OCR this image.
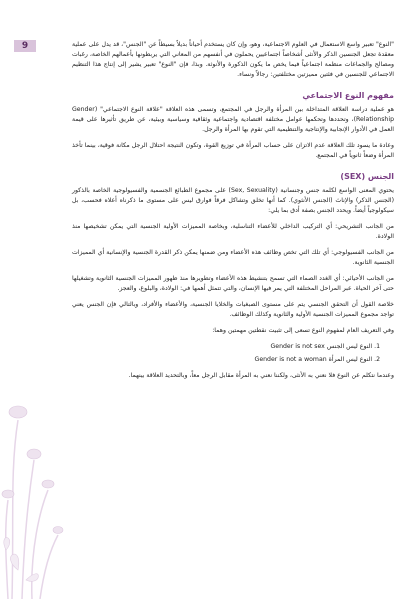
9	"النوع" تعبير واسع الاستعمال في العلوم الاجتماعية، وهو، وإن كان يستخدم أحياناً بديلاً بسيطاً عن "الجنس"، قد يدل على عملية معقدة تجعل الجنسين الذكر والأنثى أشخاصاً اجتماعيين يحملون في أنفسهم من المعاني التي يربطونها بأعمالهم الخاصة، رغبات ومصالح والجماعات منظمة اجتماعياً فيما يخص ما يكون الذكورة والأنوثة. وبذا، فإن "النوع" تعبير يشير إلى إنتاج هذا التنظيم الاجتماعي للجنسين في فئتين مميزتين مختلفتين: رجالاً ونساء.

مفهوم النوع الاجتماعي

هو عملية دراسة العلاقة المتداخلة بين المرأة والرجل في المجتمع، وتسمى هذه العلاقة "علاقة النوع الاجتماعي" (Gender Relationship)، وتحددها وتحكمها عوامل مختلفة اقتصادية واجتماعية وثقافية وسياسية وبيئية، عن طريق تأثيرها على قيمة العمل في الأدوار الإنجابية والإنتاجية والتنظيمية التي تقوم بها المرأة والرجل.

وعادة ما يسود تلك العلاقة عدم الاتزان على حساب المرأة في توزيع القوة، وتكون النتيجة احتلال الرجل مكانة فوقية، بينما تأخذ المرأة وضعاً ثانوياً في المجتمع.

الجنس (SEX)

يحتوي المعنى الواسع لكلمة جنس وجنسانية (Sex, Sexuality) على مجموع الطبائع الجسمية والفسيولوجية الخاصة بالذكور (الجنس الذكر) والإناث (الجنس الأنثوي). كما أنها تخلق وتشاكل فرقاً فوارق ليس على مستوى ما ذكرناه أعلاه فحسب، بل سيكولوجياً أيضاً. ويحدد الجنس بصفة أدق بما يلي:

من الجانب التشريحي: أي التركيب الداخلي للأعضاء التناسلية، وبخاصة المميزات الأولية الجنسية التي يمكن تشخيصها منذ الولادة.

من الجانب الفسيولوجي: أي تلك التي تخص وظائف هذه الأعضاء ومن ضمنها يمكن ذكر القدرة الجنسية والإنسانية أي المميزات الجنسية الثانوية.

من الجانب الأحيائي: أي الغدد الصماء التي تسمح بتنشيط هذه الأعضاء وتطويرها منذ ظهور المميزات الجنسية الثانوية وتشغيلها حتى آخر الحياة. عبر المراحل المختلفة التي يمر فيها الإنسان، والتي تتمثل أهمها في: الولادة، والبلوغ، والعجز.

خلاصة القول أن التحقق الجنسي يتم على مستوى الصبغيات والخلايا الجنسية، والأعضاء والأفراد، وبالتالي فإن الجنس يعني تواجد مجموع المميزات الجنسية الأولية والثانوية وكذلك الوظائف.

وفي التعريف العام لمفهوم النوع تسعى إلى تثبيت نقطتين مهمتين وهما:

1. النوع ليس الجنس Gender is not sex
2. النوع ليس المرأة Gender is not a woman

وعندما نتكلم عن النوع فلا نعني به الأنثى، ولكننا نعني به المرأة مقابل الرجل معاً، وبالتحديد العلاقة بينهما.
